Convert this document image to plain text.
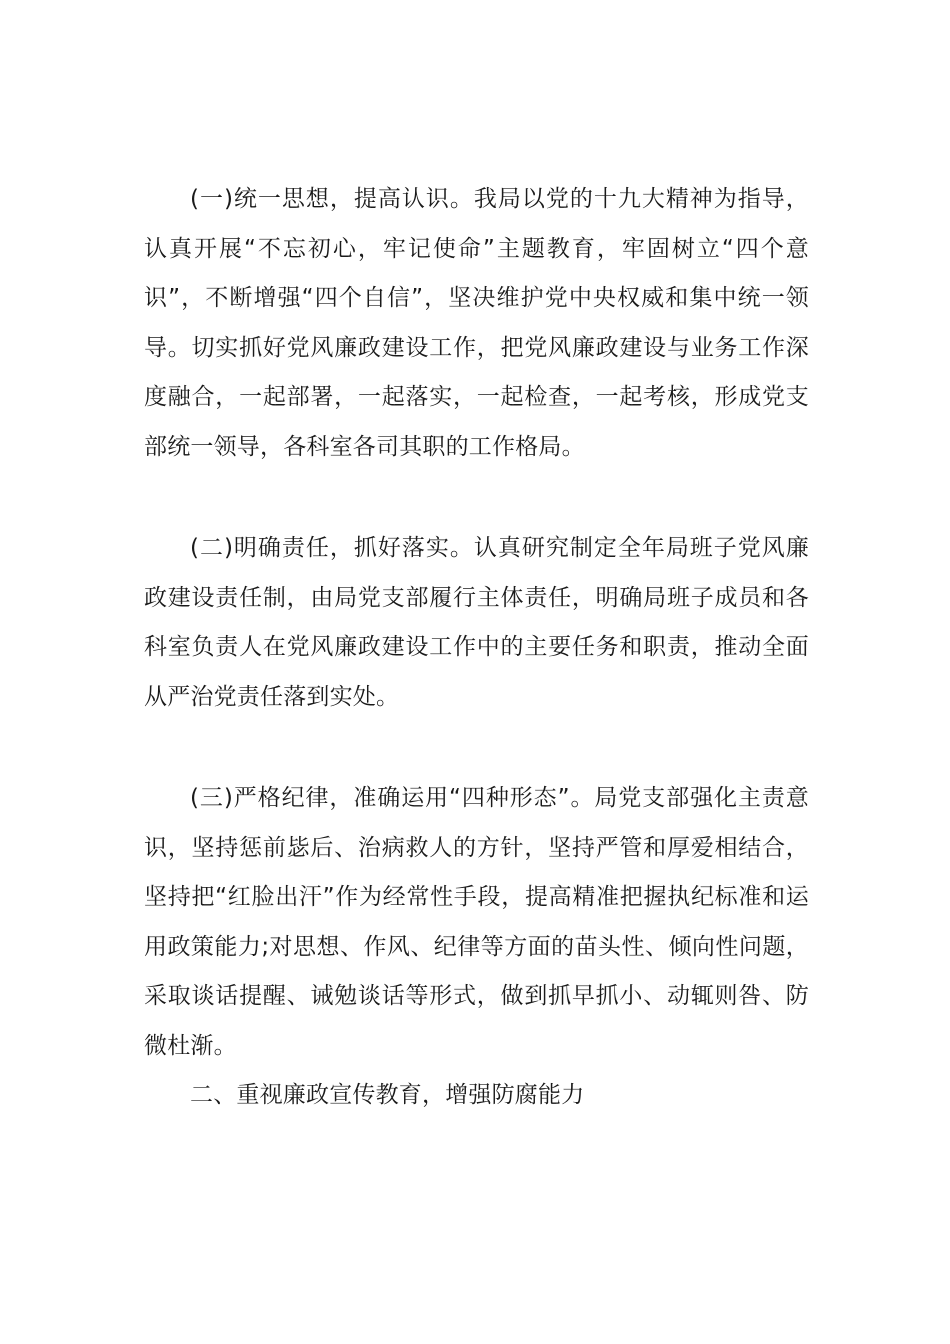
(一)统一思想，提高认识。我局以党的十九大精神为指导，认真开展“不忘初心，牢记使命”主题教育，牢固树立“四个意识”，不断增强“四个自信”，坚决维护党中央权威和集中统一领导。切实抓好党风廉政建设工作，把党风廉政建设与业务工作深度融合，一起部署，一起落实，一起检查，一起考核，形成党支部统一领导，各科室各司其职的工作格局。

(二)明确责任，抓好落实。认真研究制定全年局班子党风廉政建设责任制，由局党支部履行主体责任，明确局班子成员和各科室负责人在党风廉政建设工作中的主要任务和职责，推动全面从严治党责任落到实处。

(三)严格纪律，准确运用“四种形态”。局党支部强化主责意识，坚持惩前毖后、治病救人的方针，坚持严管和厚爱相结合，坚持把“红脸出汗”作为经常性手段，提高精准把握执纪标准和运用政策能力;对思想、作风、纪律等方面的苗头性、倾向性问题，采取谈话提醒、诫勉谈话等形式，做到抓早抓小、动辄则咎、防微杜渐。

二、重视廉政宣传教育，增强防腐能力
